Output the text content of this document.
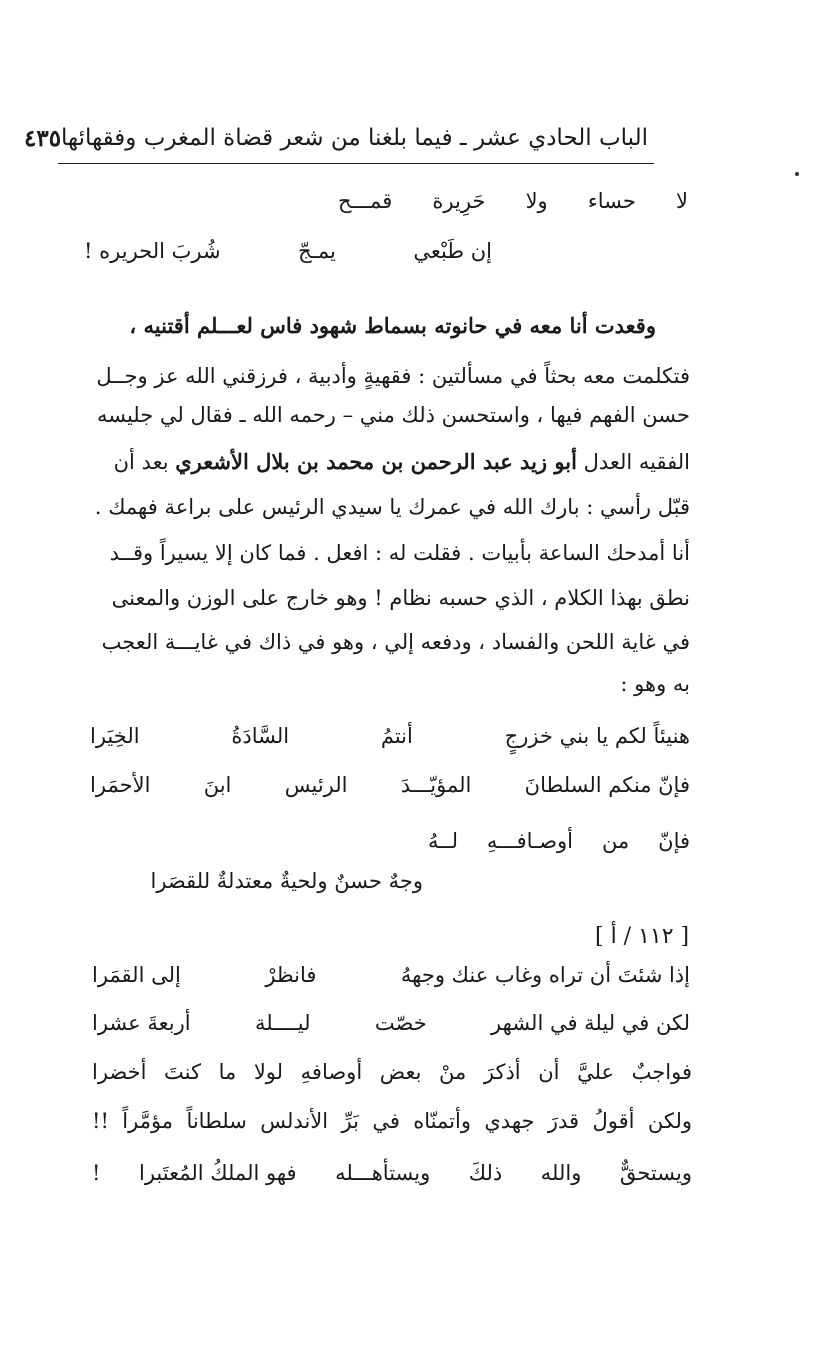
الباب الحادي عشر ـ فيما بلغنا من شعر قضاة المغرب وفقهائها
٤٣٥
لا
حساء
ولا
حَرِيرة
قمـــح
إن طَبْعي
يمـجّ
شُربَ الحريره !
وقعدت أنا معه في حانوته بسماط شهود فاس لعـــلم أقتنيه ،
فتكلمت معه بحثاً في مسألتين : فقهيةٍ وأدبية ، فرزقني الله عز وجــل
حسن الفهم فيها ، واستحسن ذلك مني – رحمه الله ـ فقال لي جليسه
الفقيه العدل أبو زيد عبد الرحمن بن محمد بن بلال الأشعري بعد أن
قبّل رأسي : بارك الله في عمرك يا سيدي الرئيس على براعة فهمك .
أنا أمدحك الساعة بأبيات . فقلت له : افعل . فما كان إلا يسيراً وقــد
نطق بهذا الكلام ، الذي حسبه نظام ! وهو خارج على الوزن والمعنى
في غاية اللحن والفساد ، ودفعه إلي ، وهو في ذاك في غايـــة العجب
به وهو :
هنيئاً لكم يا بني خزرجٍ
أنتمُ
السَّادَةُ
الخِيَرا
فإنّ منكم السلطانَ
المؤيّـــدَ
الرئيس
ابنَ
الأحمَرا
فإنّ
من
أوصـافـــهِ
لــهُ
وجهٌ حسنٌ ولحيةٌ معتدلةٌ للقصَرا
[ ١١٢ / أ ]
إذا شئتَ أن تراه وغاب عنك وجههُ
فانظرْ
إلى القمَرا
لكن في ليلة في الشهر
خصّت
ليــــلة
أربعةَ عشرا
فواجبٌ عليَّ أن أذكرَ منْ بعض أوصافهِ لولا ما كنتَ أخضرا
ولكن أقولُ قدرَ جهدي وأتمنّاه في بَرِّ الأندلس سلطاناً مؤمَّراً !!
ويستحقٌّ
والله
ذلكَ
ويستأهـــله
فهو الملكُ المُعتَبرا
!
